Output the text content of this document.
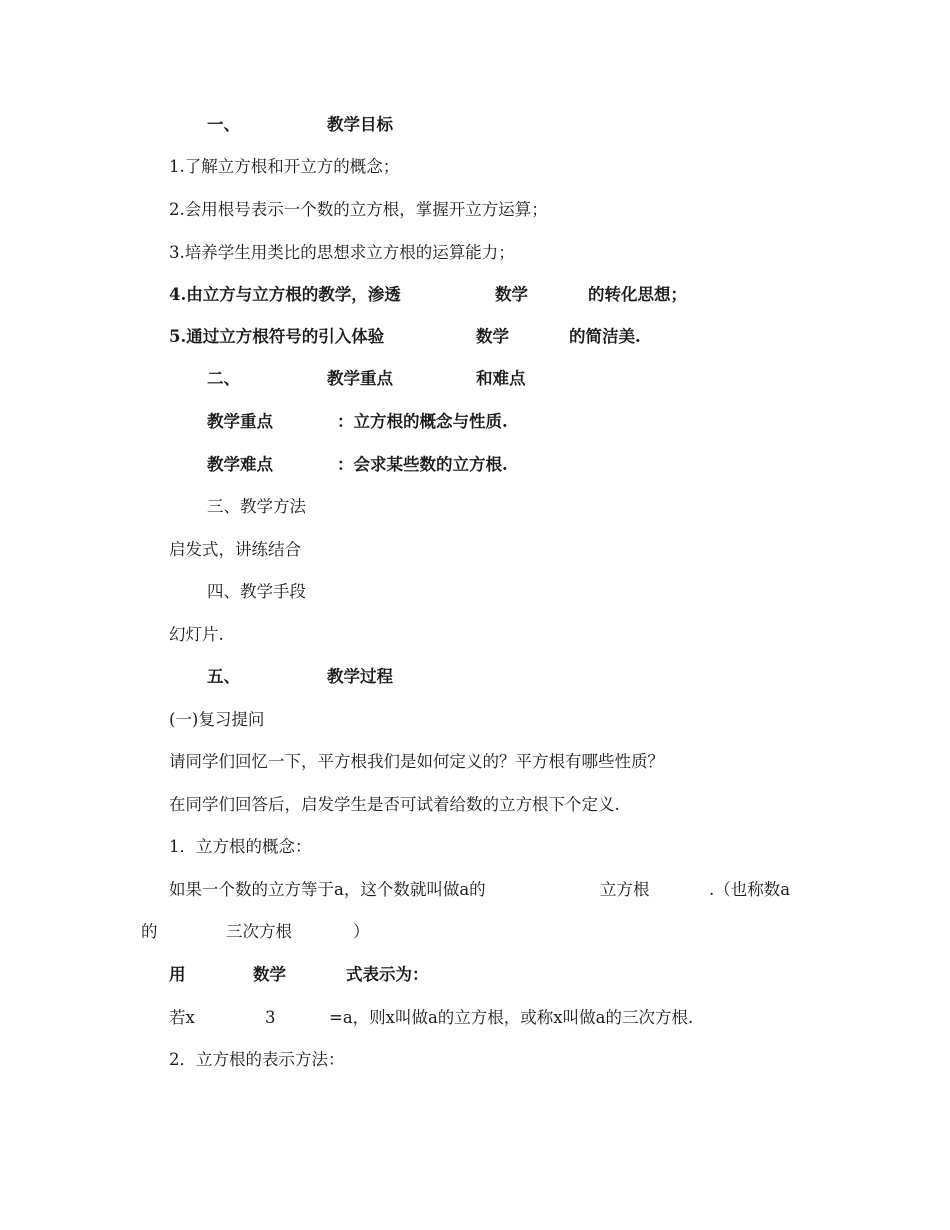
一、

	教学目标

1.了解立方根和开立方的概念；
2.会用根号表示一个数的立方根，掌握开立方运算；
3.培养学生用类比的思想求立方根的运算能力；

4.由立方与立方根的教学，渗透

	数学

	的转化思想；

5.通过立方根符号的引入体验

	数学

	的简洁美.

二、

	教学重点

	和难点

教学重点

	：立方根的概念与性质.

教学难点

	：会求某些数的立方根.

三、教学方法
启发式，讲练结合
四、教学手段
幻灯片.

五、

	教学过程

(一)复习提问
请同学们回忆一下，平方根我们是如何定义的？平方根有哪些性质？
在同学们回答后，启发学生是否可试着给数的立方根下个定义.
1．立方根的概念：

如果一个数的立方等于a，这个数就叫做a的

	立方根

	.（也称数a

的

	三次方根

	）

用

	数学

	式表示为：

若x

	3

	=a，则x叫做a的立方根，或称x叫做a的三次方根.

2．立方根的表示方法：
